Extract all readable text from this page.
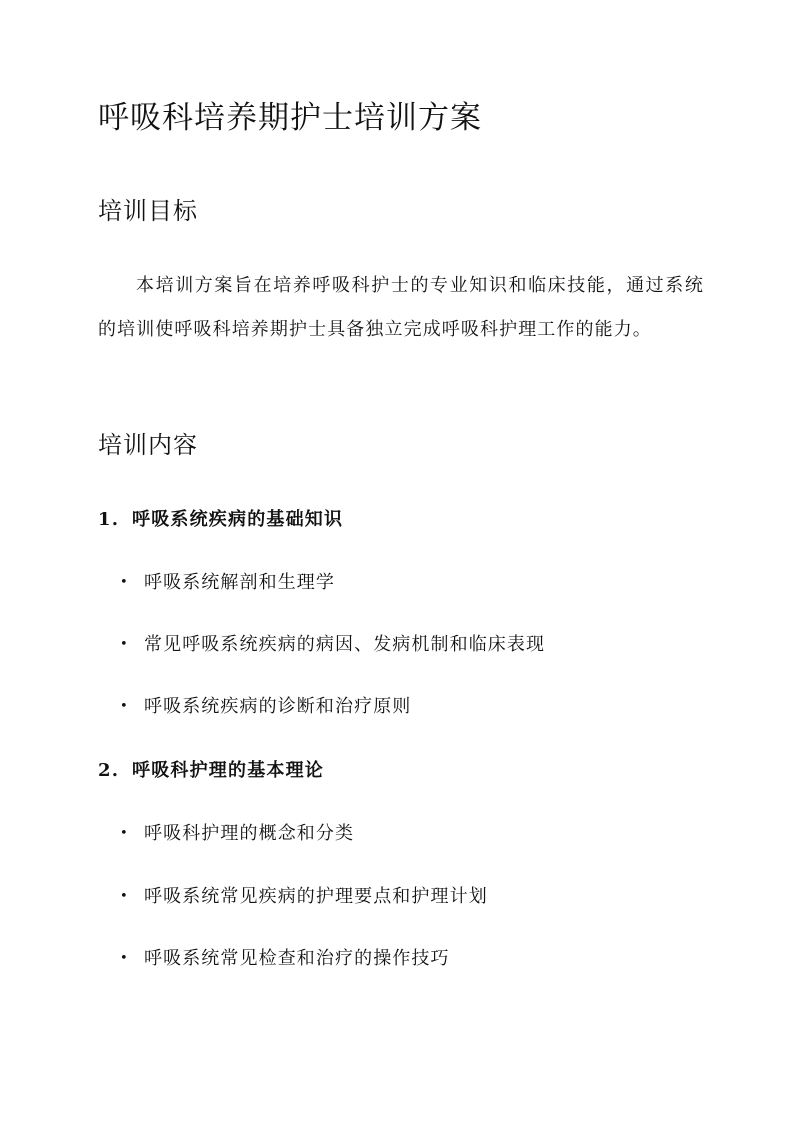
呼吸科培养期护士培训方案
培训目标

本培训方案旨在培养呼吸科护士的专业知识和临床技能，通过系统的培训使呼吸科培养期护士具备独立完成呼吸科护理工作的能力。

培训内容
1. 呼吸系统疾病的基础知识
• 呼吸系统解剖和生理学
• 常见呼吸系统疾病的病因、发病机制和临床表现
• 呼吸系统疾病的诊断和治疗原则
2. 呼吸科护理的基本理论
• 呼吸科护理的概念和分类
• 呼吸系统常见疾病的护理要点和护理计划
• 呼吸系统常见检查和治疗的操作技巧
